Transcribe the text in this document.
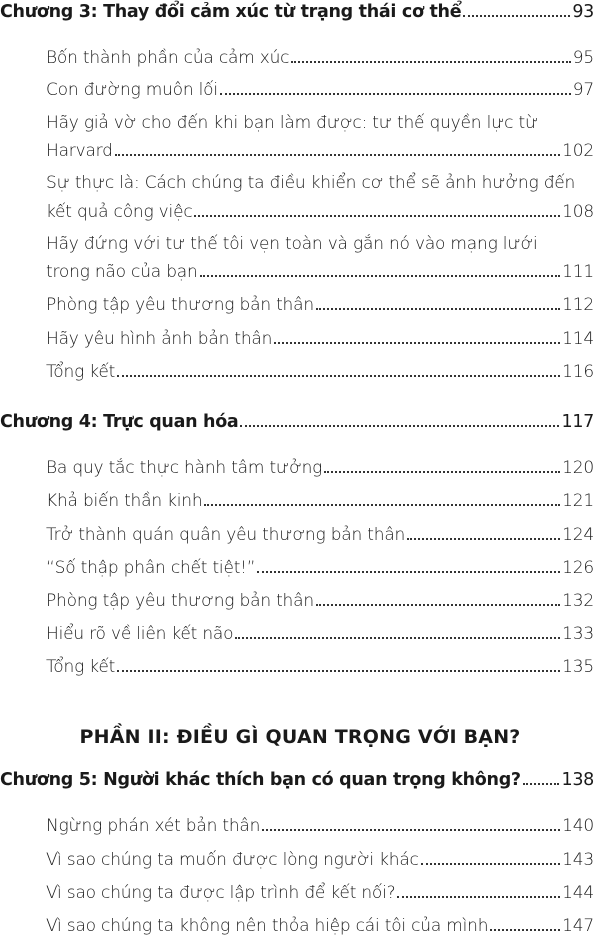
Chương 3: Thay đổi cảm xúc từ trạng thái cơ thể	93
Bốn thành phần của cảm xúc	95
Con đường muôn lối	97
Hãy giả vờ cho đến khi bạn làm được: tư thế quyền lực từ
Harvard	102
Sự thực là: Cách chúng ta điều khiển cơ thể sẽ ảnh hưởng đến
kết quả công việc	108
Hãy đứng với tư thế tôi vẹn toàn và gắn nó vào mạng lưới
trong não của bạn	111
Phòng tập yêu thương bản thân	112
Hãy yêu hình ảnh bản thân	114
Tổng kết	116
Chương 4: Trực quan hóa	117
Ba quy tắc thực hành tâm tưởng	120
Khả biến thần kinh	121
Trở thành quán quân yêu thương bản thân	124
“Số thập phân chết tiệt!”	126
Phòng tập yêu thương bản thân	132
Hiểu rõ về liên kết não	133
Tổng kết	135
PHẦN II: ĐIỀU GÌ QUAN TRỌNG VỚI BẠN?
Chương 5: Người khác thích bạn có quan trọng không? 138
Ngừng phán xét bản thân	140
Vì sao chúng ta muốn được lòng người khác	143
Vì sao chúng ta được lập trình để kết nối?	144
Vì sao chúng ta không nên thỏa hiệp cái tôi của mình	147
